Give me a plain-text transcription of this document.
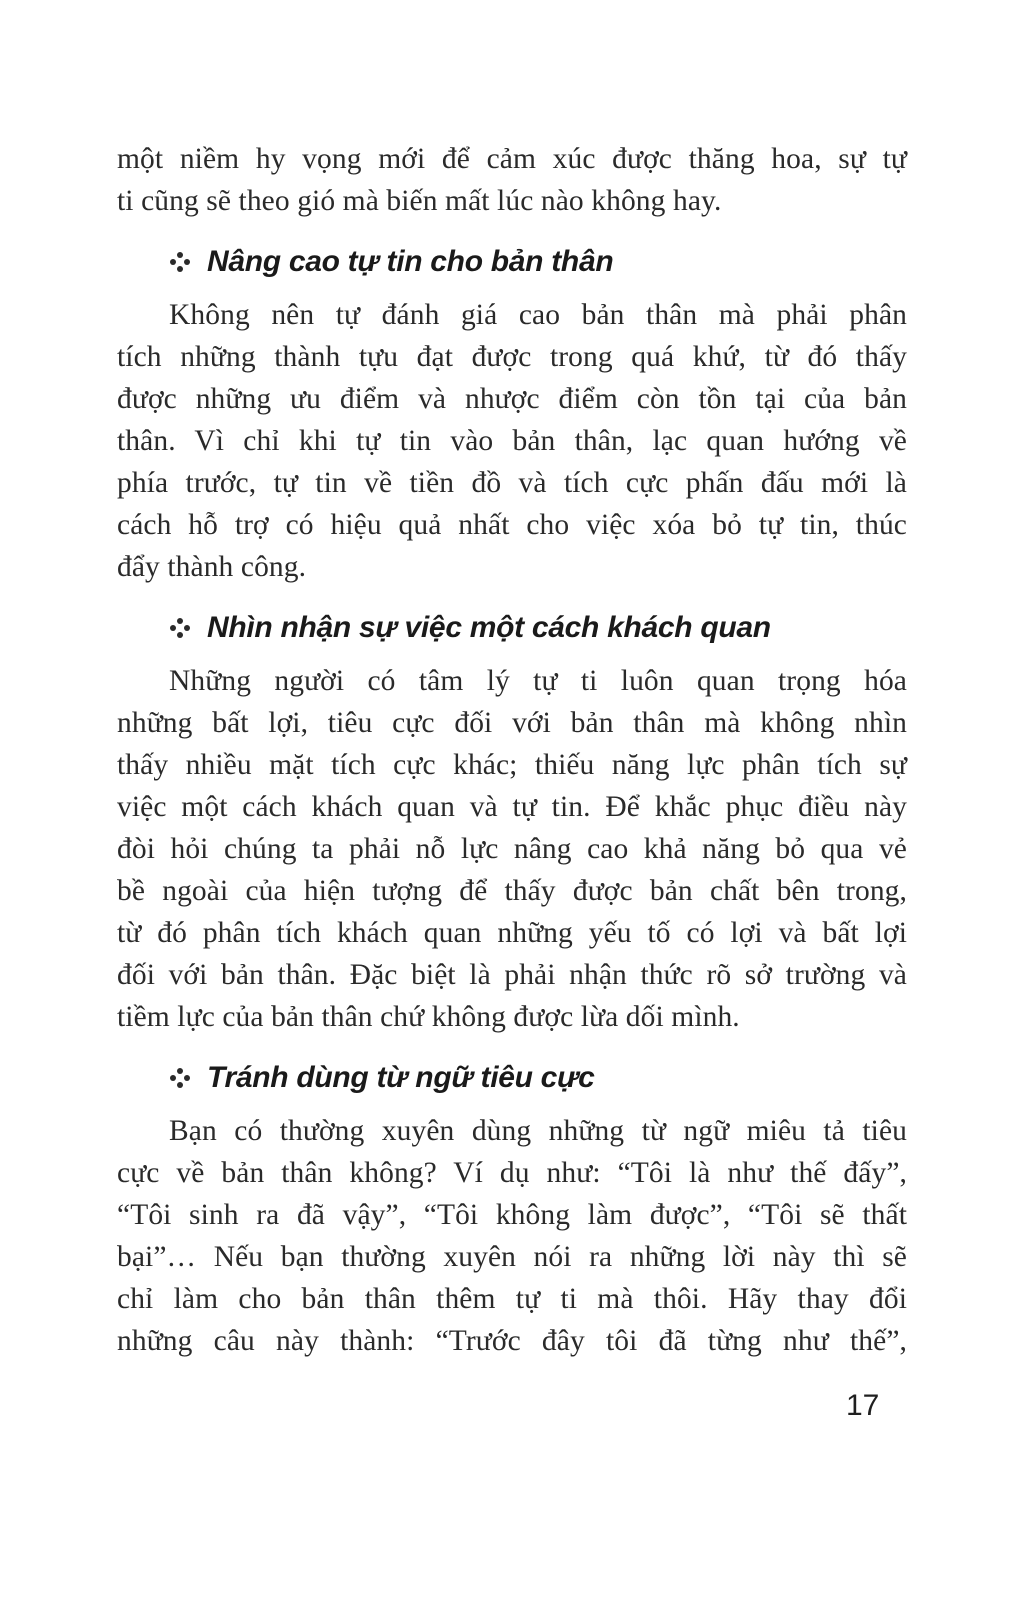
một niềm hy vọng mới để cảm xúc được thăng hoa, sự tự
ti cũng sẽ theo gió mà biến mất lúc nào không hay.

Nâng cao tự tin cho bản thân

Không nên tự đánh giá cao bản thân mà phải phân
tích những thành tựu đạt được trong quá khứ, từ đó thấy
được những ưu điểm và nhược điểm còn tồn tại của bản
thân. Vì chỉ khi tự tin vào bản thân, lạc quan hướng về
phía trước, tự tin về tiền đồ và tích cực phấn đấu mới là
cách hỗ trợ có hiệu quả nhất cho việc xóa bỏ tự tin, thúc
đẩy thành công.

Nhìn nhận sự việc một cách khách quan

Những người có tâm lý tự ti luôn quan trọng hóa
những bất lợi, tiêu cực đối với bản thân mà không nhìn
thấy nhiều mặt tích cực khác; thiếu năng lực phân tích sự
việc một cách khách quan và tự tin. Để khắc phục điều này
đòi hỏi chúng ta phải nỗ lực nâng cao khả năng bỏ qua vẻ
bề ngoài của hiện tượng để thấy được bản chất bên trong,
từ đó phân tích khách quan những yếu tố có lợi và bất lợi
đối với bản thân. Đặc biệt là phải nhận thức rõ sở trường và
tiềm lực của bản thân chứ không được lừa dối mình.

Tránh dùng từ ngữ tiêu cực

Bạn có thường xuyên dùng những từ ngữ miêu tả tiêu
cực về bản thân không? Ví dụ như: “Tôi là như thế đấy”,
“Tôi sinh ra đã vậy”, “Tôi không làm được”, “Tôi sẽ thất
bại”… Nếu bạn thường xuyên nói ra những lời này thì sẽ
chỉ làm cho bản thân thêm tự ti mà thôi. Hãy thay đổi
những câu này thành: “Trước đây tôi đã từng như thế”,

17
